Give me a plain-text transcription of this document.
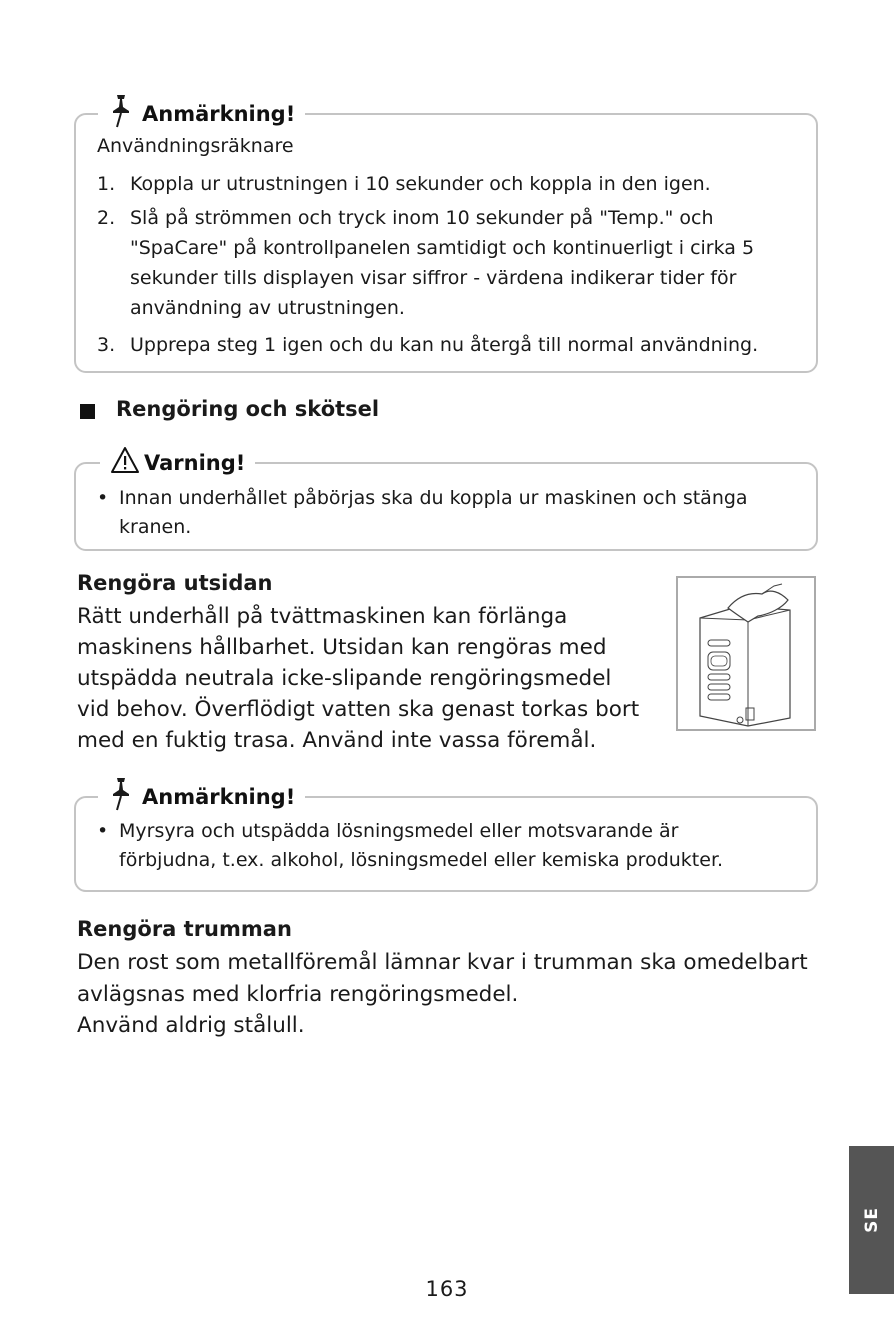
Anmärkning!
Användningsräknare
1. Koppla ur utrustningen i 10 sekunder och koppla in den igen.
2. Slå på strömmen och tryck inom 10 sekunder på "Temp." och
"SpaCare" på kontrollpanelen samtidigt och kontinuerligt i cirka 5
sekunder tills displayen visar siffror - värdena indikerar tider för
användning av utrustningen.
3. Upprepa steg 1 igen och du kan nu återgå till normal användning.
Rengöring och skötsel
Varning!
• Innan underhållet påbörjas ska du koppla ur maskinen och stänga
kranen.
Rengöra utsidan
Rätt underhåll på tvättmaskinen kan förlänga
maskinens hållbarhet. Utsidan kan rengöras med
utspädda neutrala icke-slipande rengöringsmedel
vid behov. Överflödigt vatten ska genast torkas bort
med en fuktig trasa. Använd inte vassa föremål.
Anmärkning!
• Myrsyra och utspädda lösningsmedel eller motsvarande är
förbjudna, t.ex. alkohol, lösningsmedel eller kemiska produkter.
Rengöra trumman
Den rost som metallföremål lämnar kvar i trumman ska omedelbart
avlägsnas med klorfria rengöringsmedel.
Använd aldrig stålull.
SE
163
